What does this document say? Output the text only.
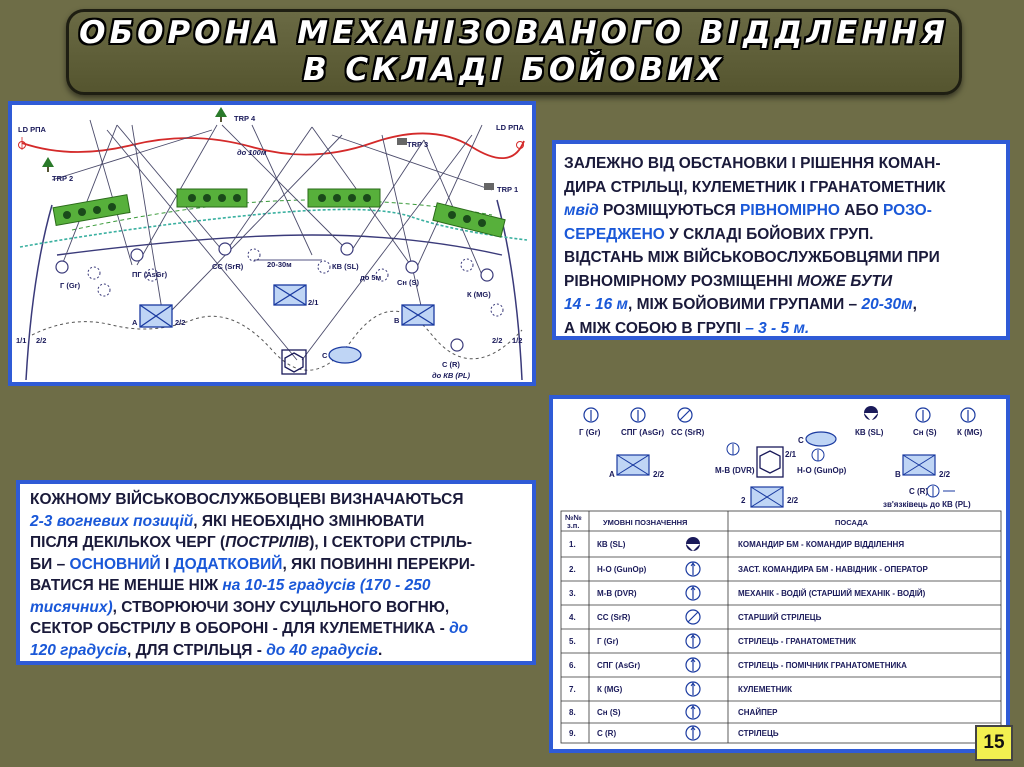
ОБОРОНА МЕХАНІЗОВАНОГО ВІДДЛЕННЯ
В СКЛАДІ БОЙОВИХ
LD РПА	LD РПА
TRP 2
TRP 4
TRP 3
TRP 1
до 100м
Г (Gr)
ПГ (AsGr)
СС (SrR)	20-30м	КВ (SL)
до 5м
Сн (S)
К (MG)
А	2/2
2/1
В
С
С (R)
до КВ (PL)
1/1 2/2	2/2 1/2
ЗАЛЕЖНО ВІД ОБСТАНОВКИ І РІШЕННЯ КОМАН-
ДИРА СТРІЛЬЦІ, КУЛЕМЕТНИК І ГРАНАТОМЕТНИК
мвід РОЗМІЩУЮТЬСЯ РІВНОМІРНО АБО РОЗО-
СЕРЕДЖЕНО У СКЛАДІ БОЙОВИХ ГРУП.
ВІДСТАНЬ МІЖ ВІЙСЬКОВОСЛУЖБОВЦЯМИ ПРИ
РІВНОМІРНОМУ РОЗМІЩЕННІ МОЖЕ БУТИ
14 - 16 м, МІЖ БОЙОВИМИ ГРУПАМИ – 20-30м,
А МІЖ СОБОЮ В ГРУПІ – 3 - 5 м.
КОЖНОМУ ВІЙСЬКОВОСЛУЖБОВЦЕВІ ВИЗНАЧАЮТЬСЯ
2-3 вогневих позицій, ЯКІ НЕОБХІДНО ЗМІНЮВАТИ
ПІСЛЯ ДЕКІЛЬКОХ ЧЕРГ (ПОСТРІЛІВ), І СЕКТОРИ СТРІЛЬ-
БИ – ОСНОВНИЙ І ДОДАТКОВИЙ, ЯКІ ПОВИННІ ПЕРЕКРИ-
ВАТИСЯ НЕ МЕНШЕ НІЖ на 10-15 градусів (170 - 250
тисячних), СТВОРЮЮЧИ ЗОНУ СУЦІЛЬНОГО ВОГНЮ,
СЕКТОР ОБСТРІЛУ В ОБОРОНІ - ДЛЯ КУЛЕМЕТНИКА - до
120 градусів, ДЛЯ СТРІЛЬЦЯ - до 40 градусів.
Г (Gr)	СПГ (AsGr) СС (SrR)	КВ (SL)	Сн (S)	К (MG)
А	2/2	М-В (DVR)	Н-О (GunOp)
С
2/1
В	2/2
2	2/2
С (R)
зв'язківець до КВ (PL)
№№
з.п.	УМОВНІ ПОЗНАЧЕННЯ	ПОСАДА
1.	КВ (SL)	КОМАНДИР БМ - КОМАНДИР ВІДДІЛЕННЯ
2.	Н-О (GunOp)	ЗАСТ. КОМАНДИРА БМ - НАВІДНИК - ОПЕРАТОР
3.	М-В (DVR)	МЕХАНІК - ВОДІЙ (СТАРШИЙ МЕХАНІК - ВОДІЙ)
4.	СС (SrR)	СТАРШИЙ СТРІЛЕЦЬ
5.	Г (Gr)	СТРІЛЕЦЬ - ГРАНАТОМЕТНИК
6.	СПГ (AsGr)	СТРІЛЕЦЬ - ПОМІЧНИК ГРАНАТОМЕТНИКА
7.	К (MG)	КУЛЕМЕТНИК
8.	Сн (S)	СНАЙПЕР
9.	С (R)	СТРІЛЕЦЬ	15
